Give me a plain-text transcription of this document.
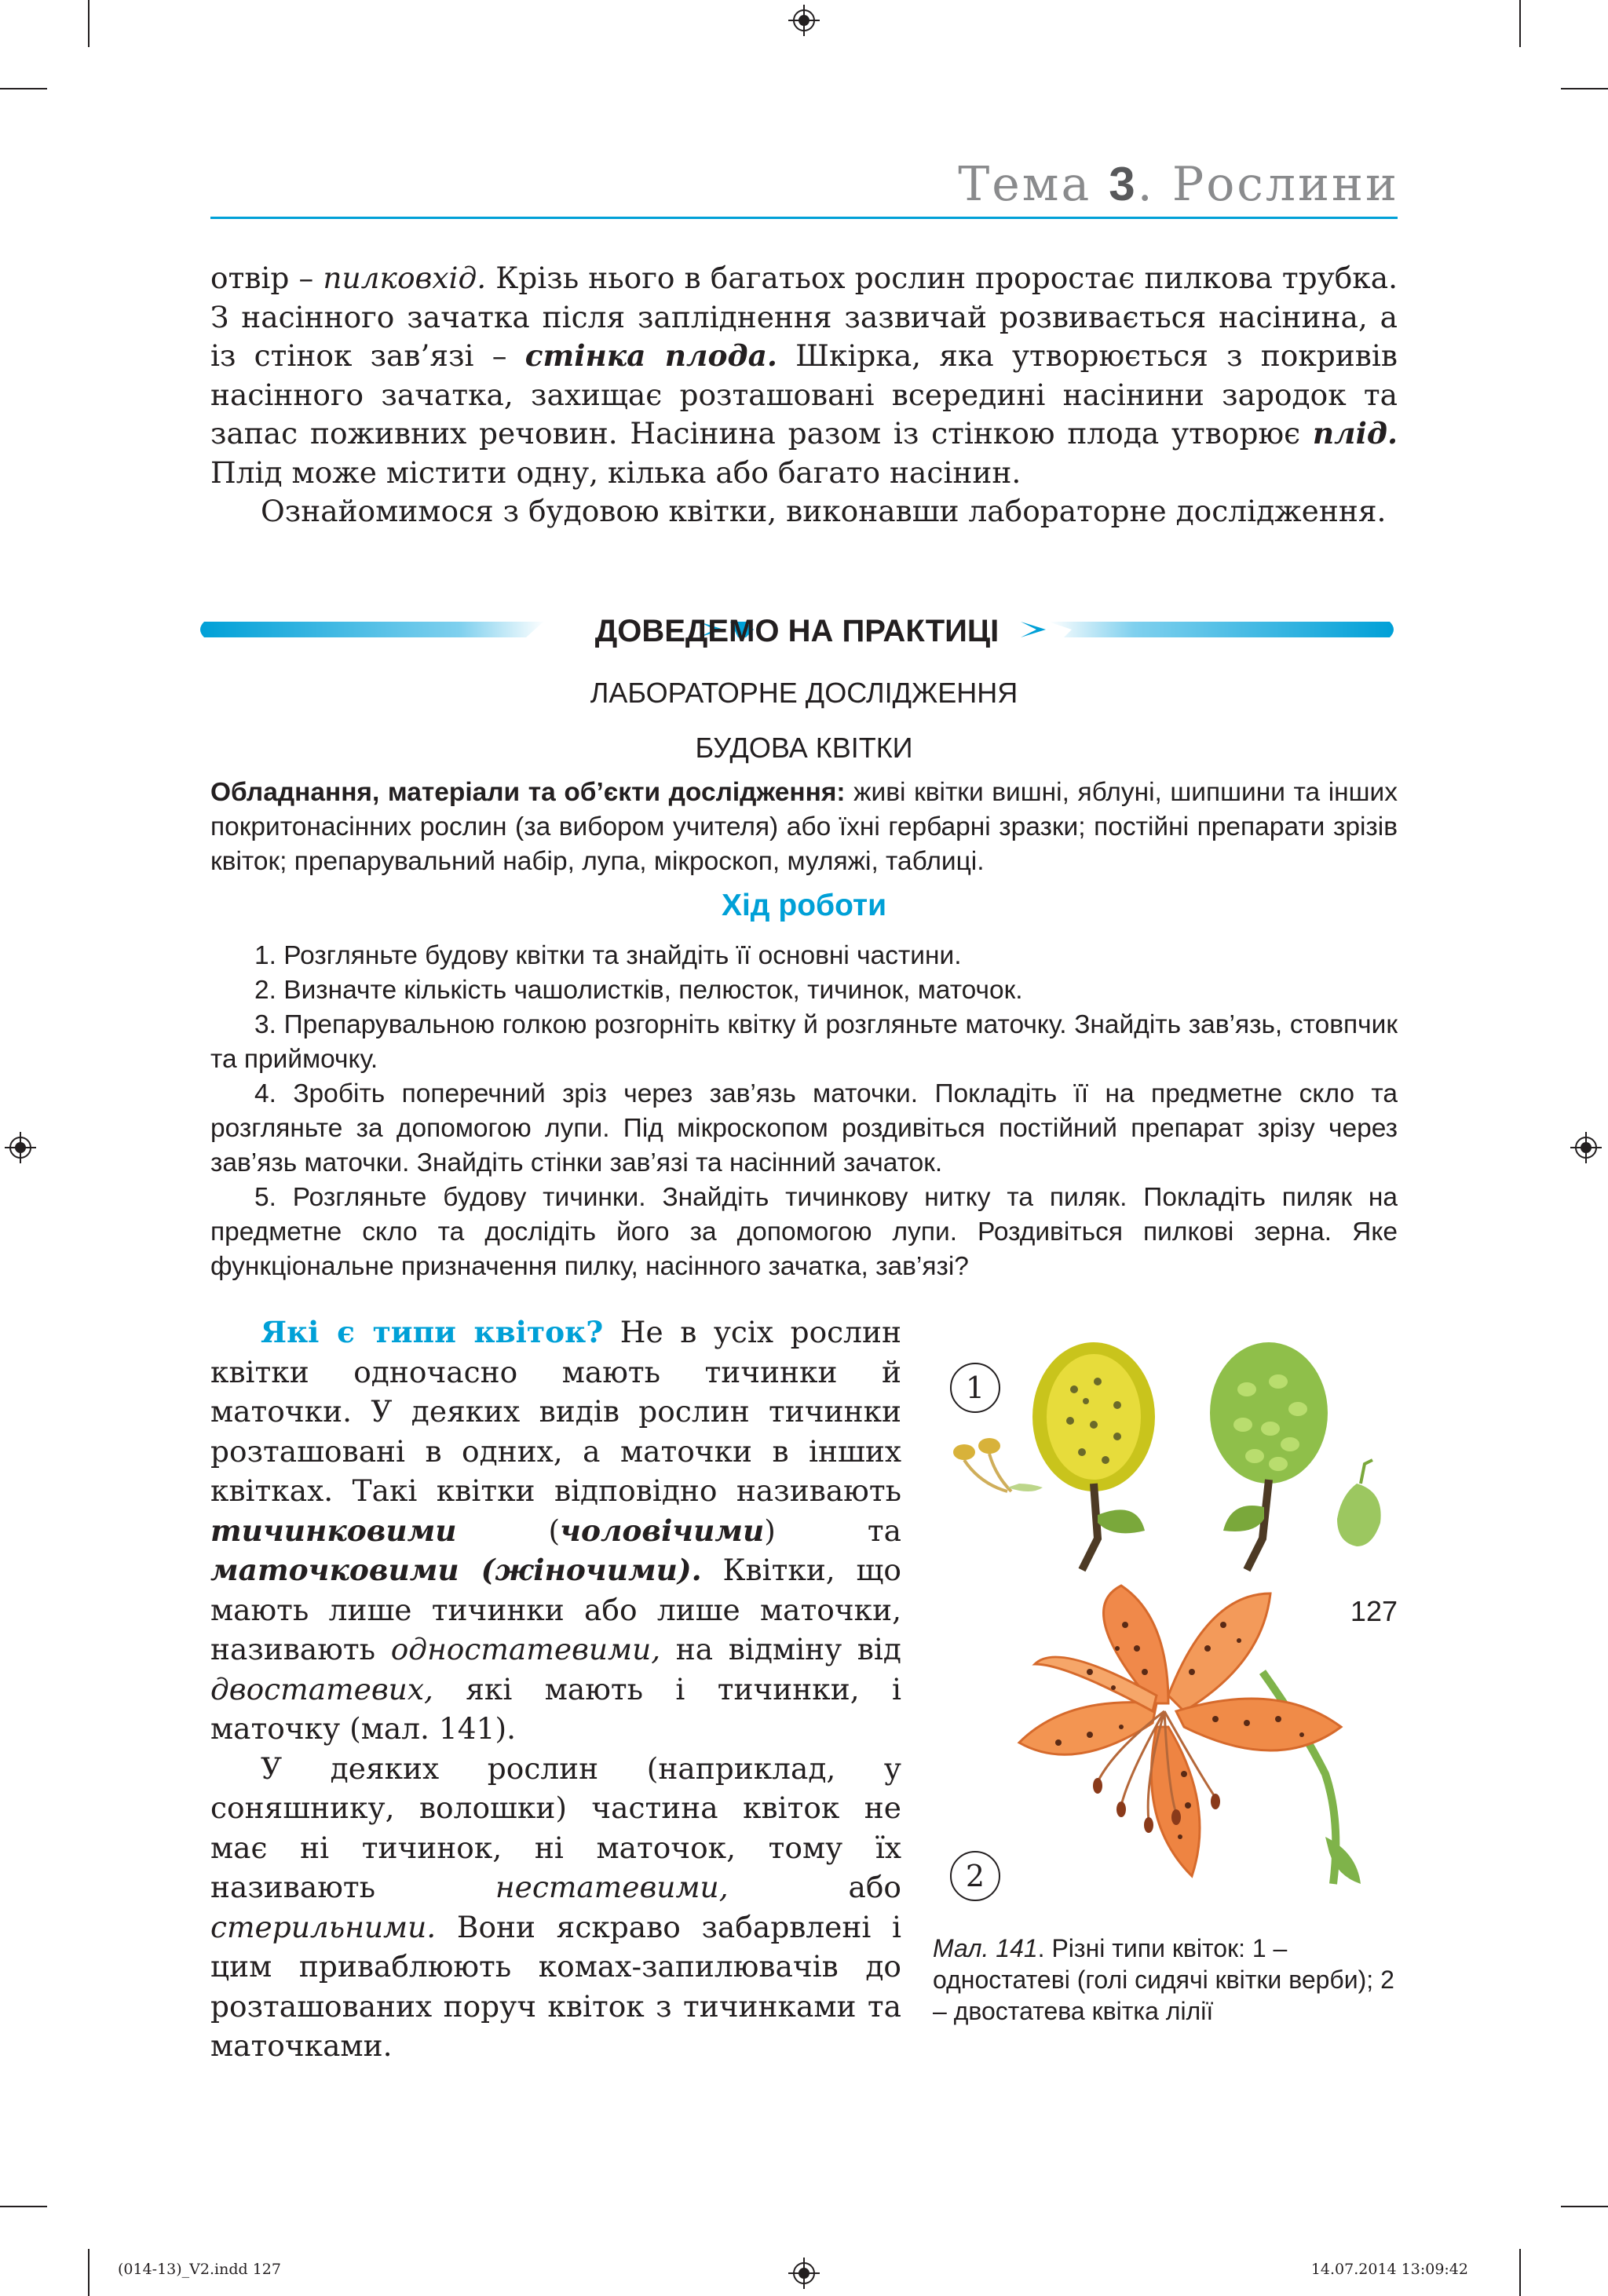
Тема 3. Рослини
отвір – пилковхід. Крізь нього в багатьох рослин проростає пилкова трубка. З насінного зачатка після запліднення зазвичай розвивається насінина, а із стінок зав’язі – стінка плода. Шкірка, яка утворюється з покривів насінного зачатка, захищає розташовані всередині насінини зародок та запас поживних речовин. Насінина разом із стінкою плода утворює плід. Плід може містити одну, кілька або багато насінин.
Ознайомимося з будовою квітки, виконавши лабораторне дослідження.
ДОВЕДЕМО НА ПРАКТИЦІ
ЛАБОРАТОРНЕ ДОСЛІДЖЕННЯ
БУДОВА КВІТКИ

Обладнання, матеріали та об’єкти дослідження: живі квітки вишні, яблуні, шипшини та інших покритонасінних рослин (за вибором учителя) або їхні гербарні зразки; постійні препарати зрізів квіток; препарувальний набір, лупа, мікроскоп, муляжі, таблиці.

Хід роботи

1. Розгляньте будову квітки та знайдіть її основні частини.

2. Визначте кількість чашолистків, пелюсток, тичинок, маточок.

3. Препарувальною голкою розгорніть квітку й розгляньте маточку. Знайдіть зав’язь, стовпчик та приймочку.

4. Зробіть поперечний зріз через зав’язь маточки. Покладіть її на предметне скло та розгляньте за допомогою лупи. Під мікроскопом роздивіться постійний препарат зрізу через зав’язь маточки. Знайдіть стінки зав’язі та насінний зачаток.

5. Розгляньте будову тичинки. Знайдіть тичинкову нитку та пиляк. Покладіть пиляк на предметне скло та дослідіть його за допомогою лупи. Роздивіться пилкові зерна. Яке функціональне призначення пилку, насінного зачатка, зав’язі?

Які є типи квіток? Не в усіх рослин квітки одночасно мають тичинки й маточки. У деяких видів рослин тичинки розташовані в одних, а маточки в інших квітках. Такі квітки відповідно називають тичинковими (чоловічими) та маточковими (жіночими). Квітки, що мають лише тичинки або лише маточки, називають одностатевими, на відміну від двостатевих, які мають і тичинки, і маточку (мал. 141).

У деяких рослин (наприклад, у соняшнику, волошки) частина квіток не має ні тичинок, ні маточок, тому їх називають нестатевими, або стерильними. Вони яскраво забарвлені і цим приваблюють комах-запилювачів до розташованих поруч квіток з тичинками та маточками.

1
2
Мал. 141. Різні типи квіток: 1 – одностатеві (голі сидячі квітки верби); 2 – двостатева квітка лілії
127
(014-13)_V2.indd 127	14.07.2014 13:09:42
